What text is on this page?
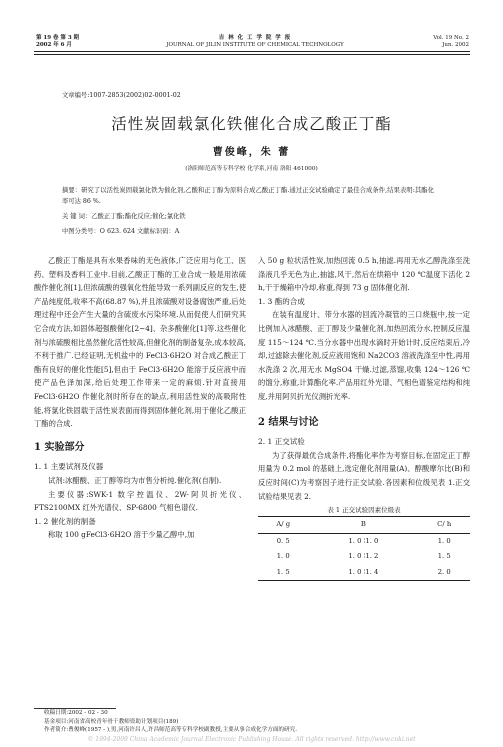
第 19 卷 第 3 期
2002 年 6 月
吉 林 化 工 学 院 学 报
JOURNAL OF JILIN INSTITUTE OF CHEMICAL TECHNOLOGY
Vol. 19 No. 2
Jun. 2002
文章编号:1007-2853(2002)02-0001-02
活性炭固载氯化铁催化合成乙酸正丁酯
曹俊峰，朱 蕾
(洛阳师范高等专科学校 化学系,河南 洛阳 461000)
摘要：研究了以活性炭固载氯化铁为催化剂,乙酸和正丁醇为原料合成乙酸正丁酯.通过正交试验确定了最佳合成条件,结果表明:其酯化率可达 86 %.
关 键 词：乙酸正丁酯;酯化反应;催化;氯化铁
中图分类号：O 623. 624 文献标识码：A

乙酸正丁酯是具有水果香味的无色液体,广泛应用与化工、医药、塑料及香料工业中.目前,乙酸正丁酯的工业合成一般是用浓硫酸作催化剂[1],但浓硫酸的强氧化性能导致一系列副反应的发生,使产品纯度低,收率不高(68.87 %),并且浓硫酸对设备腐蚀严重,后处理过程中还会产生大量的含硫废水污染环境.从而促使人们研究其它合成方法,如固体超强酸催化[2~4]、杂多酸催化[1]等.这些催化剂与浓硫酸相比虽然催化活性较高,但催化剂的制备复杂,成本较高,不利于推广.已经证明,无机盐中的 FeCl3·6H2O 对合成乙酸正丁酯有良好的催化性能[5],但由于 FeCl3·6H2O 能溶于反应液中而使产品色泽加深,给后处理工作带来一定的麻烦.针对直接用 FeCl3·6H2O 作催化剂时所存在的缺点,利用活性炭的高吸附性能,将氯化铁固载于活性炭表面而得到固体催化剂,用于催化乙酸正丁酯的合成.

1 实验部分
1. 1 主要试剂及仪器

试剂:冰醋酸、正丁醇等均为市售分析纯.催化剂(自制).

主要仪器:SWK-1 数字控温仪、2W-阿贝折光仪、FTS2100MX 红外光谱仪、SP-6800 气相色谱仪.

1. 2 催化剂的制备

称取 100 gFeCl3·6H2O 溶于少量乙醇中,加

收稿日期:2002 - 02 - 30
基金项目:河南省高校青年骨干教师资助计划项目(189)
作者简介:曹俊峰(1957 - ),男,河南许昌人,许昌师范高等专科学校副教授,主要从事合成化学方面的研究.

入 50 g 粒状活性炭,加热回流 0.5 h,抽滤.再用无水乙醇洗涤至洗涤液几乎无色为止,抽滤,风干,然后在烘箱中 120 ℃温度下活化 2 h,干于燥箱中冷却,称重,得到 73 g 固体催化剂.

1. 3 酯的合成

在装有温度计、带分水器的回流冷凝管的三口烧瓶中,按一定比例加入冰醋酸、正丁醇及少量催化剂,加热回流分水,控制反应温度 115～124 ℃.当分水器中出现水滴时开始计时,反应结束后,冷却,过滤除去催化剂,反应液用饱和 Na2CO3 溶液洗涤至中性,再用水洗涤 2 次,用无水 MgSO4 干燥.过滤,蒸馏,收集 124～126 ℃的馏分,称重,计算酯化率.产品用红外光谱、气相色谱鉴定结构和纯度,并用阿贝折光仪测折光率.

2 结果与讨论
2. 1 正交试验

为了获得最优合成条件,将酯化率作为考察目标,在固定正丁醇用量为 0.2 mol 的基础上,选定催化剂用量(A)、醇酸摩尔比(B)和反应时间(C)为考察因子进行正交试验.各因素和位级见表 1.正交试验结果见表 2.

表 1 正交试验因素位级表
A/ g	B	C/ h
0. 5	1. 0 ∶1. 0	1. 0
1. 0	1. 0 ∶1. 2	1. 5
1. 5	1. 0 ∶1. 4	2. 0
© 1994-2009 China Academic Journal Electronic Publishing House. All rights reserved. http://www.cnki.net
